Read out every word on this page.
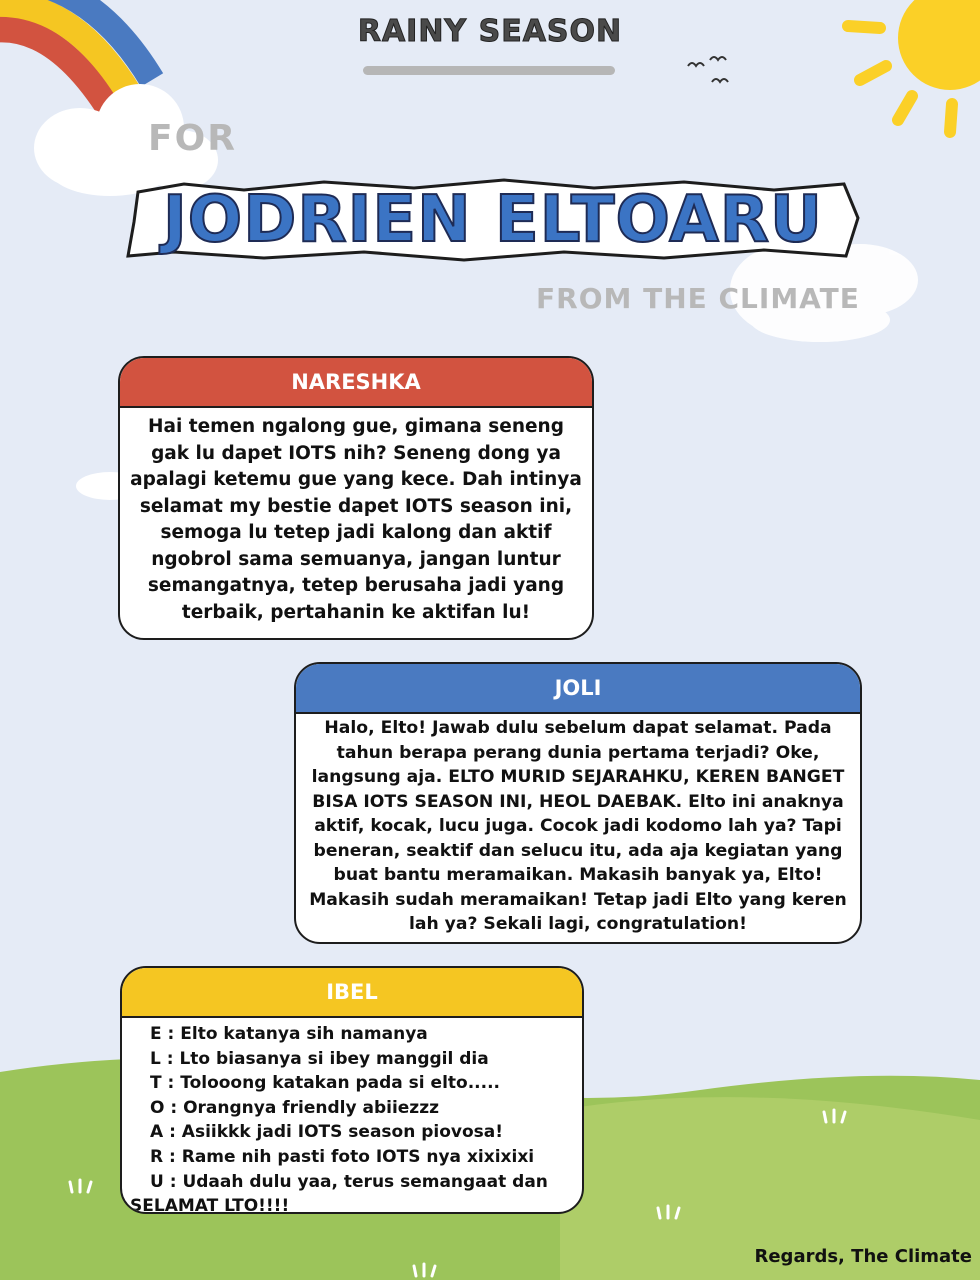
RAINY SEASON
FOR
JODRIEN ELTOARU
FROM THE CLIMATE
NARESHKA

Hai temen ngalong gue, gimana seneng gak lu dapet IOTS nih? Seneng dong ya apalagi ketemu gue yang kece. Dah intinya selamat my bestie dapet IOTS season ini, semoga lu tetep jadi kalong dan aktif ngobrol sama semuanya, jangan luntur semangatnya, tetep berusaha jadi yang terbaik, pertahanin ke aktifan lu!

JOLI

Halo, Elto! Jawab dulu sebelum dapat selamat. Pada tahun berapa perang dunia pertama terjadi? Oke, langsung aja. ELTO MURID SEJARAHKU, KEREN BANGET BISA IOTS SEASON INI, HEOL DAEBAK. Elto ini anaknya aktif, kocak, lucu juga. Cocok jadi kodomo lah ya? Tapi beneran, seaktif dan selucu itu, ada aja kegiatan yang buat bantu meramaikan. Makasih banyak ya, Elto! Makasih sudah meramaikan! Tetap jadi Elto yang keren lah ya? Sekali lagi, congratulation!

IBEL
E : Elto katanya sih namanya
L : Lto biasanya si ibey manggil dia
T : Tolooong katakan pada si elto.....
O : Orangnya friendly abiiezzz
A : Asiikkk jadi IOTS season piovosa!
R : Rame nih pasti foto IOTS nya xixixixi
U : Udaah dulu yaa, terus semangaat dan
SELAMAT LTO!!!!
Regards, The Climate
